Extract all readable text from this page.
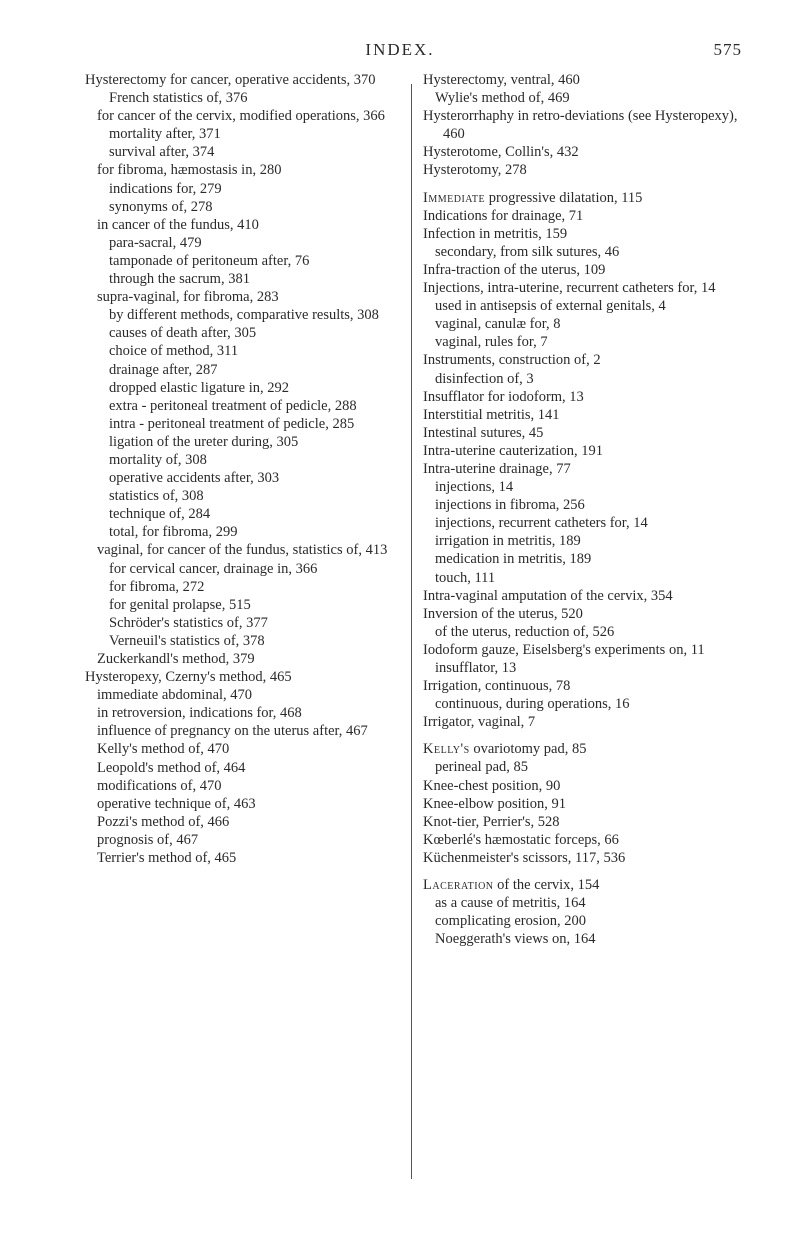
INDEX.	575
Hysterectomy for cancer, operative accidents, 370
French statistics of, 376
for cancer of the cervix, modified operations, 366
mortality after, 371
survival after, 374
for fibroma, hæmostasis in, 280
indications for, 279
synonyms of, 278
in cancer of the fundus, 410
para-sacral, 479
tamponade of peritoneum after, 76
through the sacrum, 381
supra-vaginal, for fibroma, 283
by different methods, comparative results, 308
causes of death after, 305
choice of method, 311
drainage after, 287
dropped elastic ligature in, 292
extra - peritoneal treatment of pedicle, 288
intra - peritoneal treatment of pedicle, 285
ligation of the ureter during, 305
mortality of, 308
operative accidents after, 303
statistics of, 308
technique of, 284
total, for fibroma, 299
vaginal, for cancer of the fundus, statistics of, 413
for cervical cancer, drainage in, 366
for fibroma, 272
for genital prolapse, 515
Schröder's statistics of, 377
Verneuil's statistics of, 378
Zuckerkandl's method, 379
Hysteropexy, Czerny's method, 465
immediate abdominal, 470
in retroversion, indications for, 468
influence of pregnancy on the uterus after, 467
Kelly's method of, 470
Leopold's method of, 464
modifications of, 470
operative technique of, 463
Pozzi's method of, 466
prognosis of, 467
Terrier's method of, 465
Hysterectomy, ventral, 460
Wylie's method of, 469
Hysterorrhaphy in retro-deviations (see Hysteropexy), 460
Hysterotome, Collin's, 432
Hysterotomy, 278
Immediate progressive dilatation, 115
Indications for drainage, 71
Infection in metritis, 159
secondary, from silk sutures, 46
Infra-traction of the uterus, 109
Injections, intra-uterine, recurrent catheters for, 14
used in antisepsis of external genitals, 4
vaginal, canulæ for, 8
vaginal, rules for, 7
Instruments, construction of, 2
disinfection of, 3
Insufflator for iodoform, 13
Interstitial metritis, 141
Intestinal sutures, 45
Intra-uterine cauterization, 191
Intra-uterine drainage, 77
injections, 14
injections in fibroma, 256
injections, recurrent catheters for, 14
irrigation in metritis, 189
medication in metritis, 189
touch, 111
Intra-vaginal amputation of the cervix, 354
Inversion of the uterus, 520
of the uterus, reduction of, 526
Iodoform gauze, Eiselsberg's experiments on, 11
insufflator, 13
Irrigation, continuous, 78
continuous, during operations, 16
Irrigator, vaginal, 7
Kelly's ovariotomy pad, 85
perineal pad, 85
Knee-chest position, 90
Knee-elbow position, 91
Knot-tier, Perrier's, 528
Kœberlé's hæmostatic forceps, 66
Küchenmeister's scissors, 117, 536
Laceration of the cervix, 154
as a cause of metritis, 164
complicating erosion, 200
Noeggerath's views on, 164
